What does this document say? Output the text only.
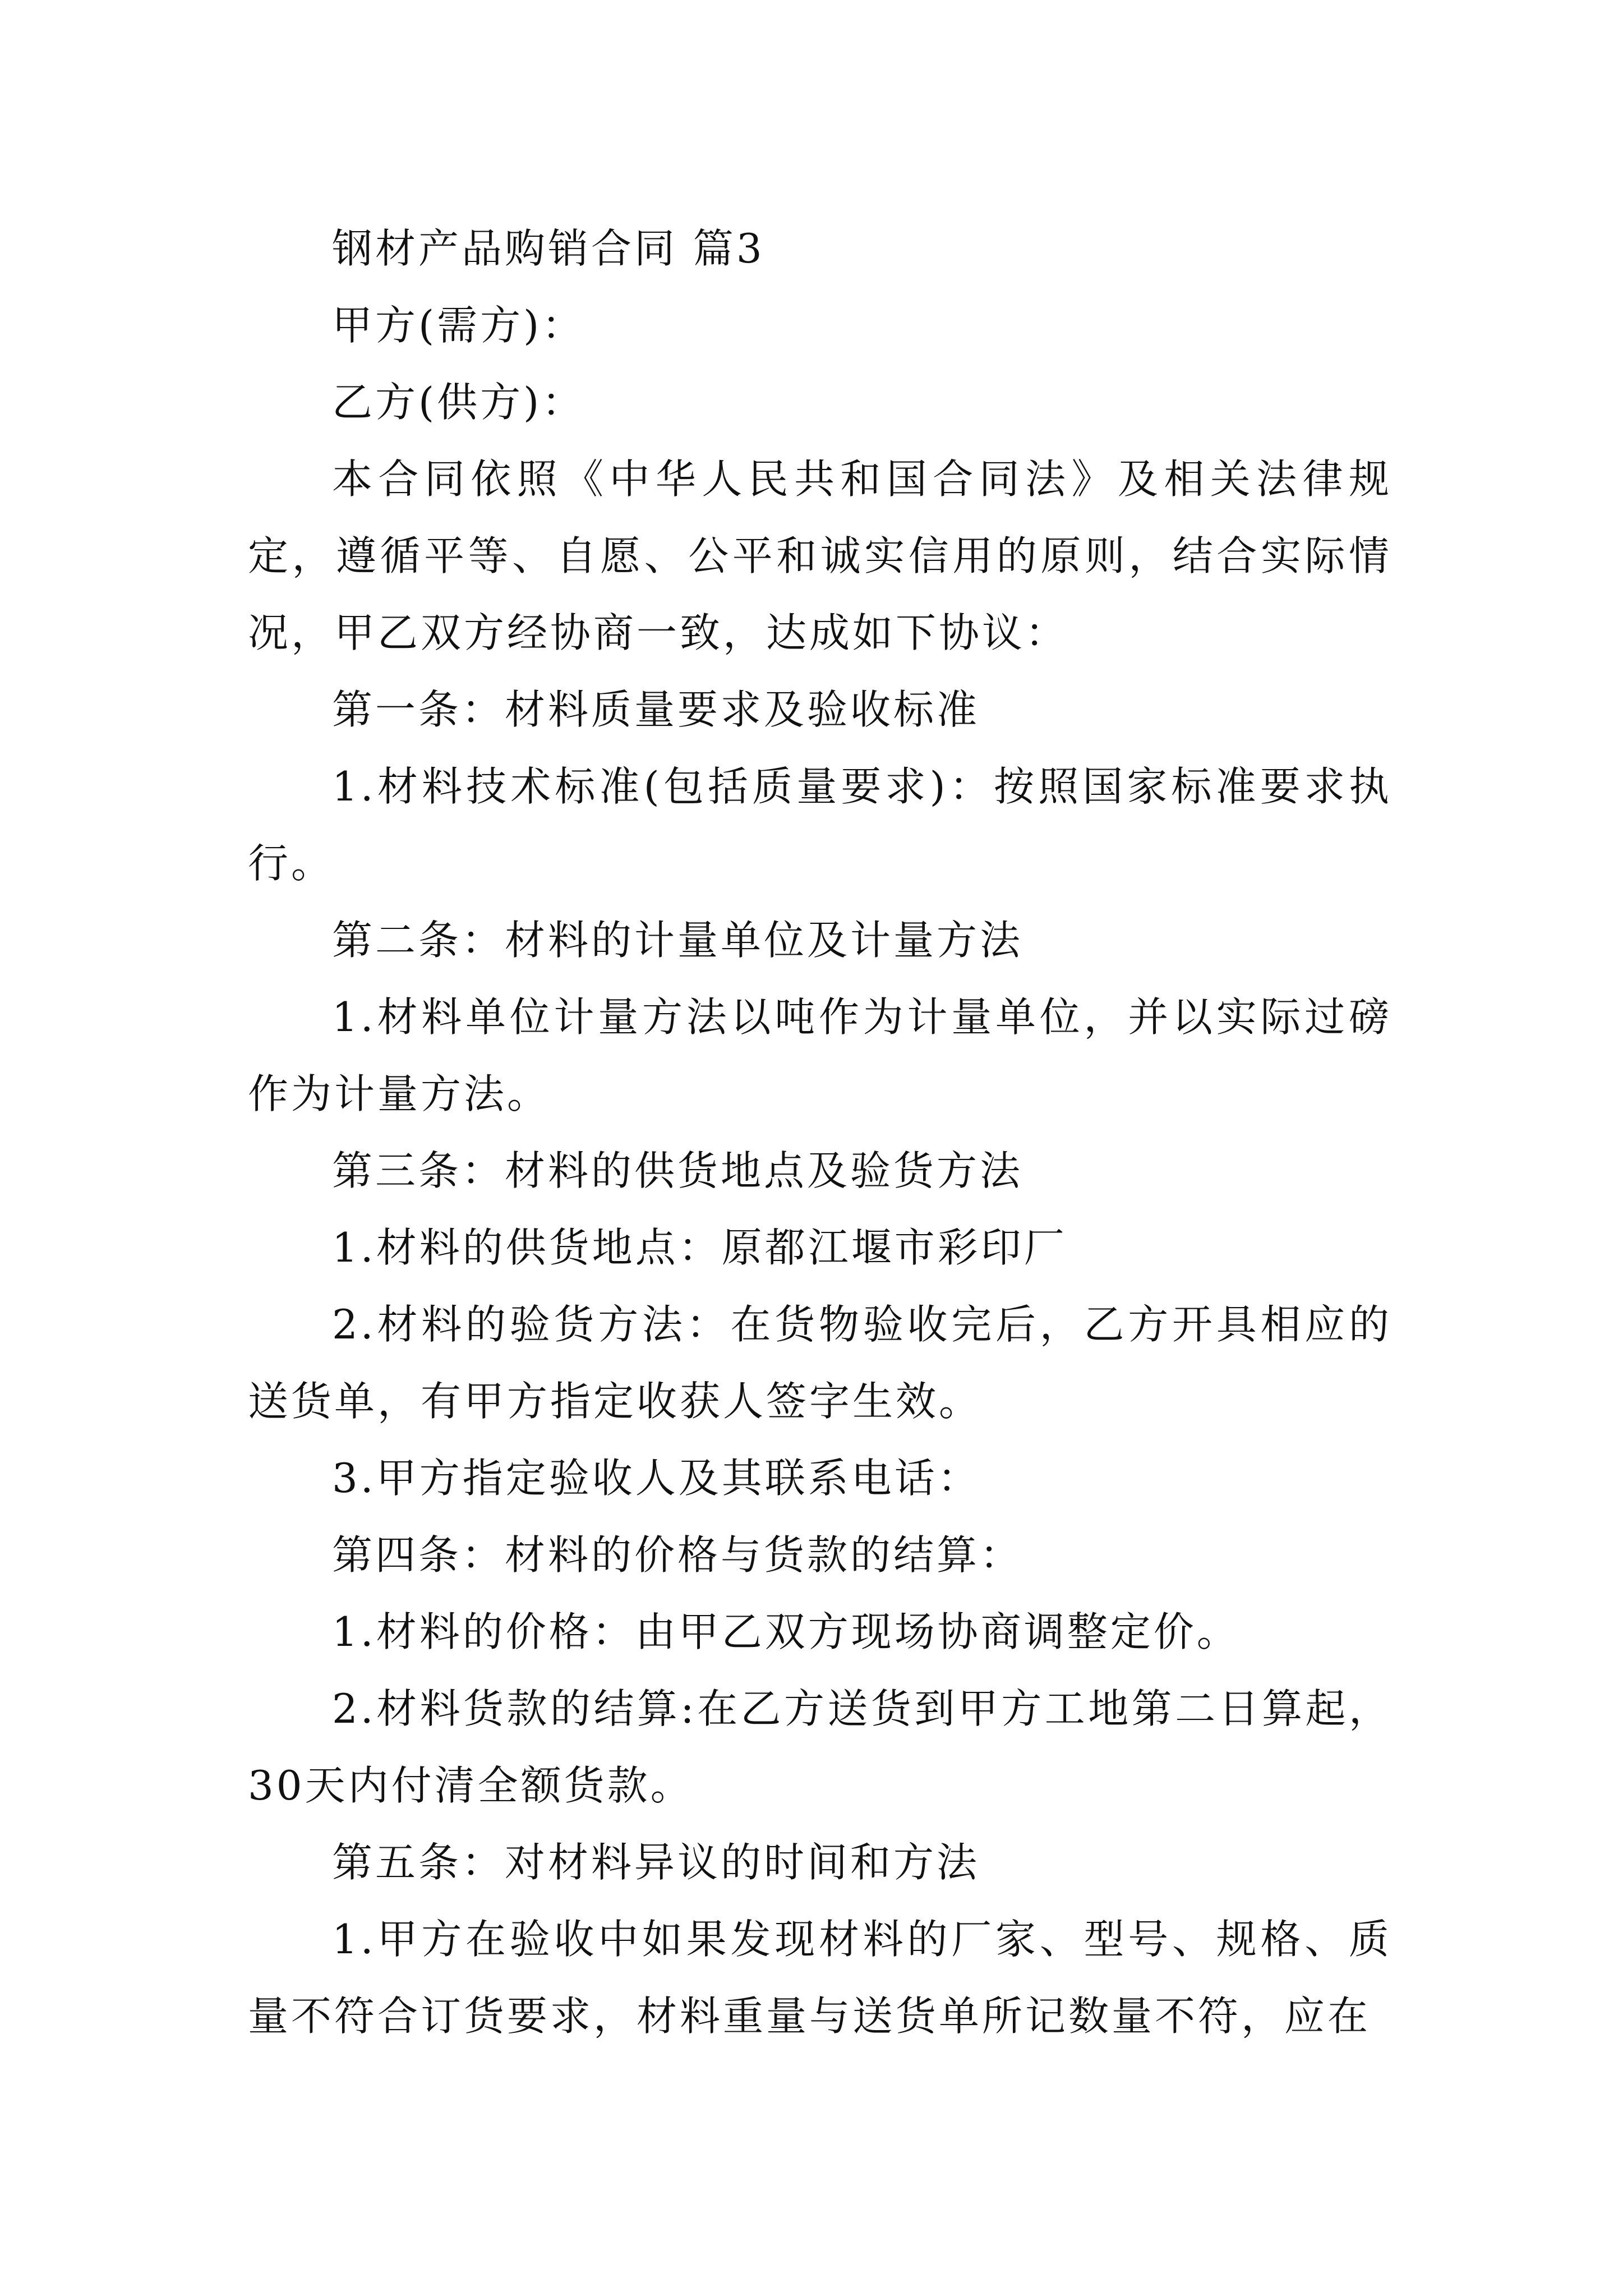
钢材产品购销合同 篇3

甲方(需方)：

乙方(供方)：

本合同依照《中华人民共和国合同法》及相关法律规定，遵循平等、自愿、公平和诚实信用的原则，结合实际情况，甲乙双方经协商一致，达成如下协议：

第一条：材料质量要求及验收标准

1.材料技术标准(包括质量要求)：按照国家标准要求执行。

第二条：材料的计量单位及计量方法

1.材料单位计量方法以吨作为计量单位，并以实际过磅作为计量方法。

第三条：材料的供货地点及验货方法

1.材料的供货地点：原都江堰市彩印厂

2.材料的验货方法：在货物验收完后，乙方开具相应的送货单，有甲方指定收获人签字生效。

3.甲方指定验收人及其联系电话：

第四条：材料的价格与货款的结算：

1.材料的价格：由甲乙双方现场协商调整定价。

2.材料货款的结算:在乙方送货到甲方工地第二日算起，30天内付清全额货款。

第五条：对材料异议的时间和方法

1.甲方在验收中如果发现材料的厂家、型号、规格、质量不符合订货要求，材料重量与送货单所记数量不符，应在
